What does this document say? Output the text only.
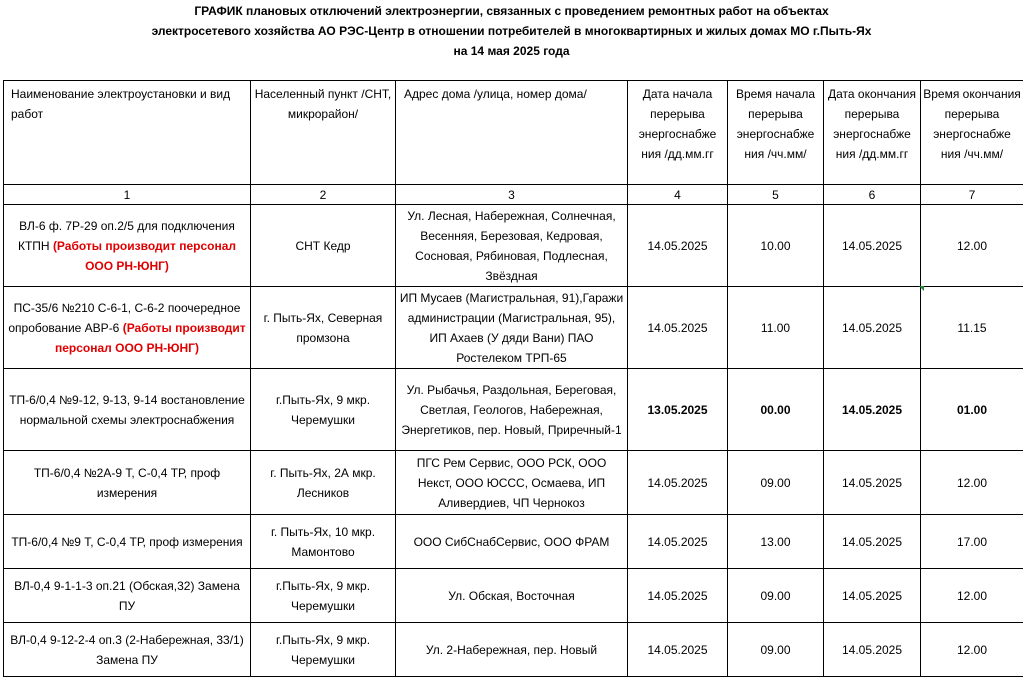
ГРАФИК плановых отключений электроэнергии, связанных с проведением ремонтных работ на объектах
электросетевого хозяйства АО РЭС-Центр в отношении потребителей в многоквартирных и жилых домах МО г.Пыть-Ях
на 14 мая 2025 года
Наименование электроустановки и вид работ	Населенный пункт /СНТ, микрорайон/	Адрес дома /улица, номер дома/	Дата начала перерыва энергоснабже ния /дд.мм.гг	Время начала перерыва энергоснабже ния /чч.мм/	Дата окончания перерыва энергоснабже ния /дд.мм.гг	Время окончания перерыва энергоснабже ния /чч.мм/
1	2	3	4	5	6	7
ВЛ-6 ф. 7Р-29 оп.2/5 для подключения КТПН (Работы производит персонал ООО РН-ЮНГ)	СНТ Кедр	Ул. Лесная, Набережная, Солнечная, Весенняя, Березовая, Кедровая, Сосновая, Рябиновая, Подлесная, Звёздная	14.05.2025	10.00	14.05.2025	12.00
ПС-35/6 №210 С-6-1, С-6-2 поочередное опробование АВР-6 (Работы производит персонал ООО РН-ЮНГ)	г. Пыть-Ях, Северная промзона	ИП Мусаев (Магистральная, 91),Гаражи администрации (Магистральная, 95), ИП Ахаев (У дяди Вани) ПАО Ростелеком ТРП-65	14.05.2025	11.00	14.05.2025	11.15
ТП-6/0,4 №9-12, 9-13, 9-14 востановление нормальной схемы электроснабжения	г.Пыть-Ях, 9 мкр. Черемушки	Ул. Рыбачья, Раздольная, Береговая, Светлая, Геологов, Набережная, Энергетиков, пер. Новый, Приречный-1	13.05.2025	00.00	14.05.2025	01.00
ТП-6/0,4 №2А-9 Т, С-0,4 ТР, проф измерения	г. Пыть-Ях, 2А мкр. Лесников	ПГС Рем Сервис, ООО РСК, ООО Некст, ООО ЮССС, Осмаева, ИП Аливердиев, ЧП Чернокоз	14.05.2025	09.00	14.05.2025	12.00
ТП-6/0,4 №9 Т, С-0,4 ТР, проф измерения	г. Пыть-Ях, 10 мкр. Мамонтово	ООО СибСнабСервис, ООО ФРАМ	14.05.2025	13.00	14.05.2025	17.00
ВЛ-0,4 9-1-1-3 оп.21 (Обская,32) Замена ПУ	г.Пыть-Ях, 9 мкр. Черемушки	Ул. Обская, Восточная	14.05.2025	09.00	14.05.2025	12.00
ВЛ-0,4 9-12-2-4 оп.3 (2-Набережная, 33/1) Замена ПУ	г.Пыть-Ях, 9 мкр. Черемушки	Ул. 2-Набережная, пер. Новый	14.05.2025	09.00	14.05.2025	12.00
